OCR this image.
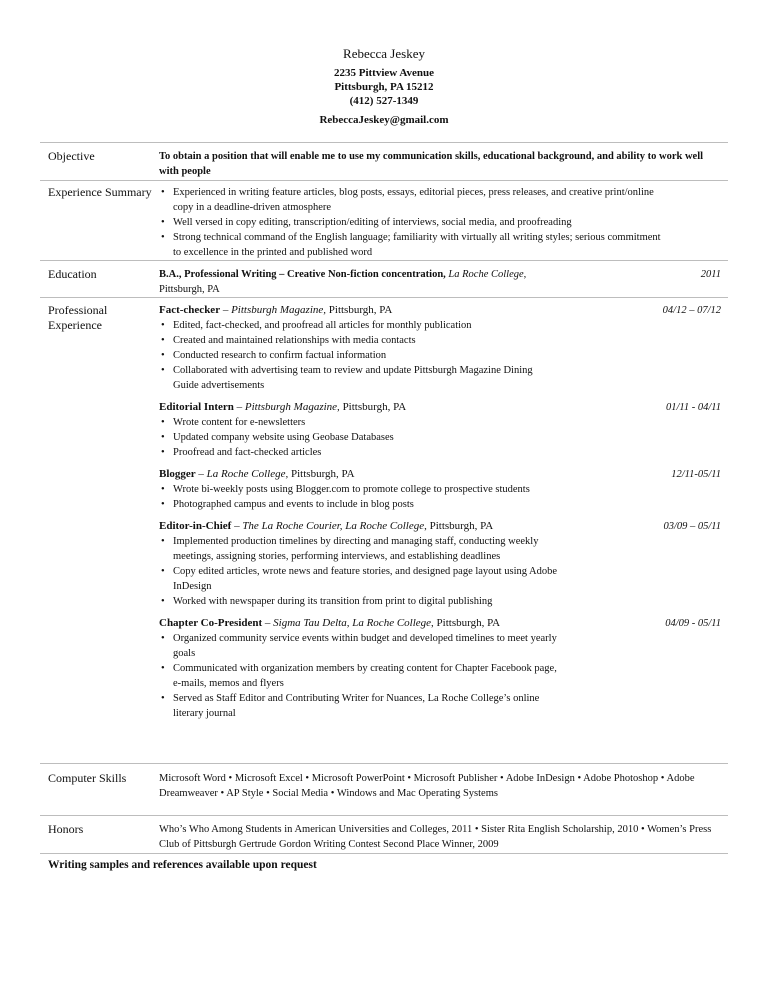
Rebecca Jeskey
2235 Pittview Avenue
Pittsburgh, PA 15212
(412) 527-1349
RebeccaJeskey@gmail.com
Objective	To obtain a position that will enable me to use my communication skills, educational background, and ability to work well with people
Experience Summary
•	Experienced in writing feature articles, blog posts, essays, editorial pieces, press releases, and creative print/online copy in a deadline-driven atmosphere
• Well versed in copy editing, transcription/editing of interviews, social media, and proofreading
• Strong technical command of the English language; familiarity with virtually all writing styles; serious commitment to excellence in the printed and published word
Education	B.A., Professional Writing – Creative Non-fiction concentration, La Roche College, Pittsburgh, PA
2011
Professional Experience
Fact-checker – Pittsburgh Magazine, Pittsburgh, PA	04/12 – 07/12
• Edited, fact-checked, and proofread all articles for monthly publication
• Created and maintained relationships with media contacts
• Conducted research to confirm factual information
• Collaborated with advertising team to review and update Pittsburgh Magazine Dining Guide advertisements
Editorial Intern – Pittsburgh Magazine, Pittsburgh, PA	01/11 - 04/11
• Wrote content for e-newsletters
• Updated company website using Geobase Databases
• Proofread and fact-checked articles
Blogger – La Roche College, Pittsburgh, PA	12/11-05/11
• Wrote bi-weekly posts using Blogger.com to promote college to prospective students
• Photographed campus and events to include in blog posts
Editor-in-Chief – The La Roche Courier, La Roche College, Pittsburgh, PA	03/09 – 05/11
• Implemented production timelines by directing and managing staff, conducting weekly meetings, assigning stories, performing interviews, and establishing deadlines
• Copy edited articles, wrote news and feature stories, and designed page layout using Adobe InDesign
• Worked with newspaper during its transition from print to digital publishing
Chapter Co-President – Sigma Tau Delta, La Roche College, Pittsburgh, PA	04/09 - 05/11
• Organized community service events within budget and developed timelines to meet yearly goals
• Communicated with organization members by creating content for Chapter Facebook page, e-mails, memos and flyers
• Served as Staff Editor and Contributing Writer for Nuances, La Roche College’s online literary journal
Computer Skills	Microsoft Word • Microsoft Excel • Microsoft PowerPoint • Microsoft Publisher • Adobe InDesign • Adobe Photoshop • Adobe Dreamweaver • AP Style • Social Media • Windows and Mac Operating Systems
Honors	Who’s Who Among Students in American Universities and Colleges, 2011 • Sister Rita English Scholarship, 2010 • Women’s Press Club of Pittsburgh Gertrude Gordon Writing Contest Second Place Winner, 2009
Writing samples and references available upon request
